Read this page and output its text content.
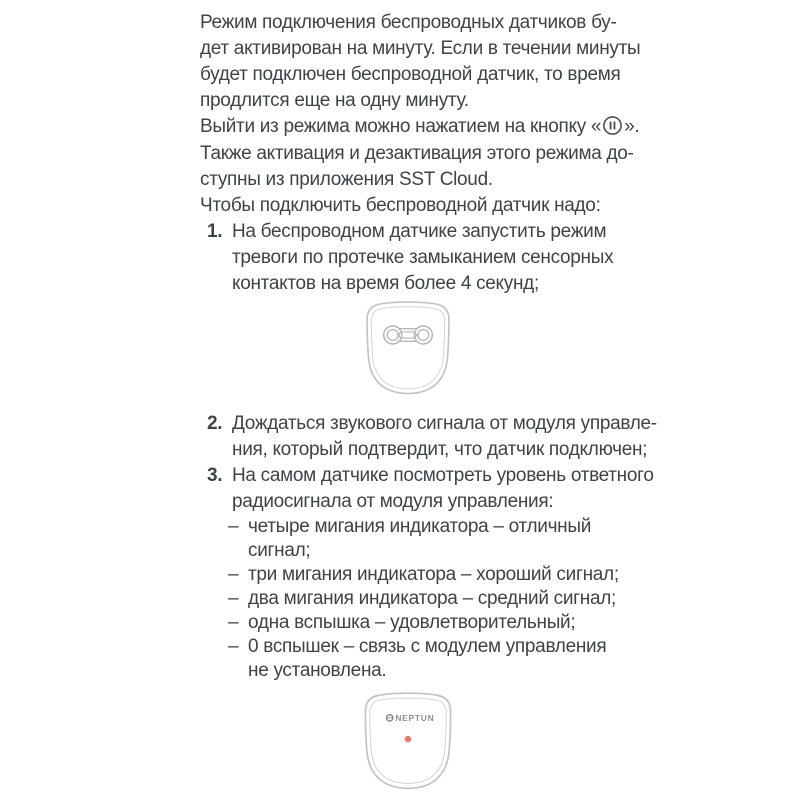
Режим подключения беспроводных датчиков бу-
дет активирован на минуту. Если в течении минуты
будет подключен беспроводной датчик, то время
продлится еще на одну минуту.
Выйти из режима можно нажатием на кнопку « ».
Также активация и дезактивация этого режима до-
ступны из приложения SST Cloud.
Чтобы подключить беспроводной датчик надо:
1. На беспроводном датчике запустить режим
тревоги по протечке замыканием сенсорных
контактов на время более 4 секунд;
2. Дождаться звукового сигнала от модуля управле-
ния, который подтвердит, что датчик подключен;
3. На самом датчике посмотреть уровень ответного
радиосигнала от модуля управления:
– четыре мигания индикатора – отличный
сигнал;
– три мигания индикатора – хороший сигнал;
– два мигания индикатора – средний сигнал;
– одна вспышка – удовлетворительный;
– 0 вспышек – связь с модулем управления
не установлена.
NEPTUN
